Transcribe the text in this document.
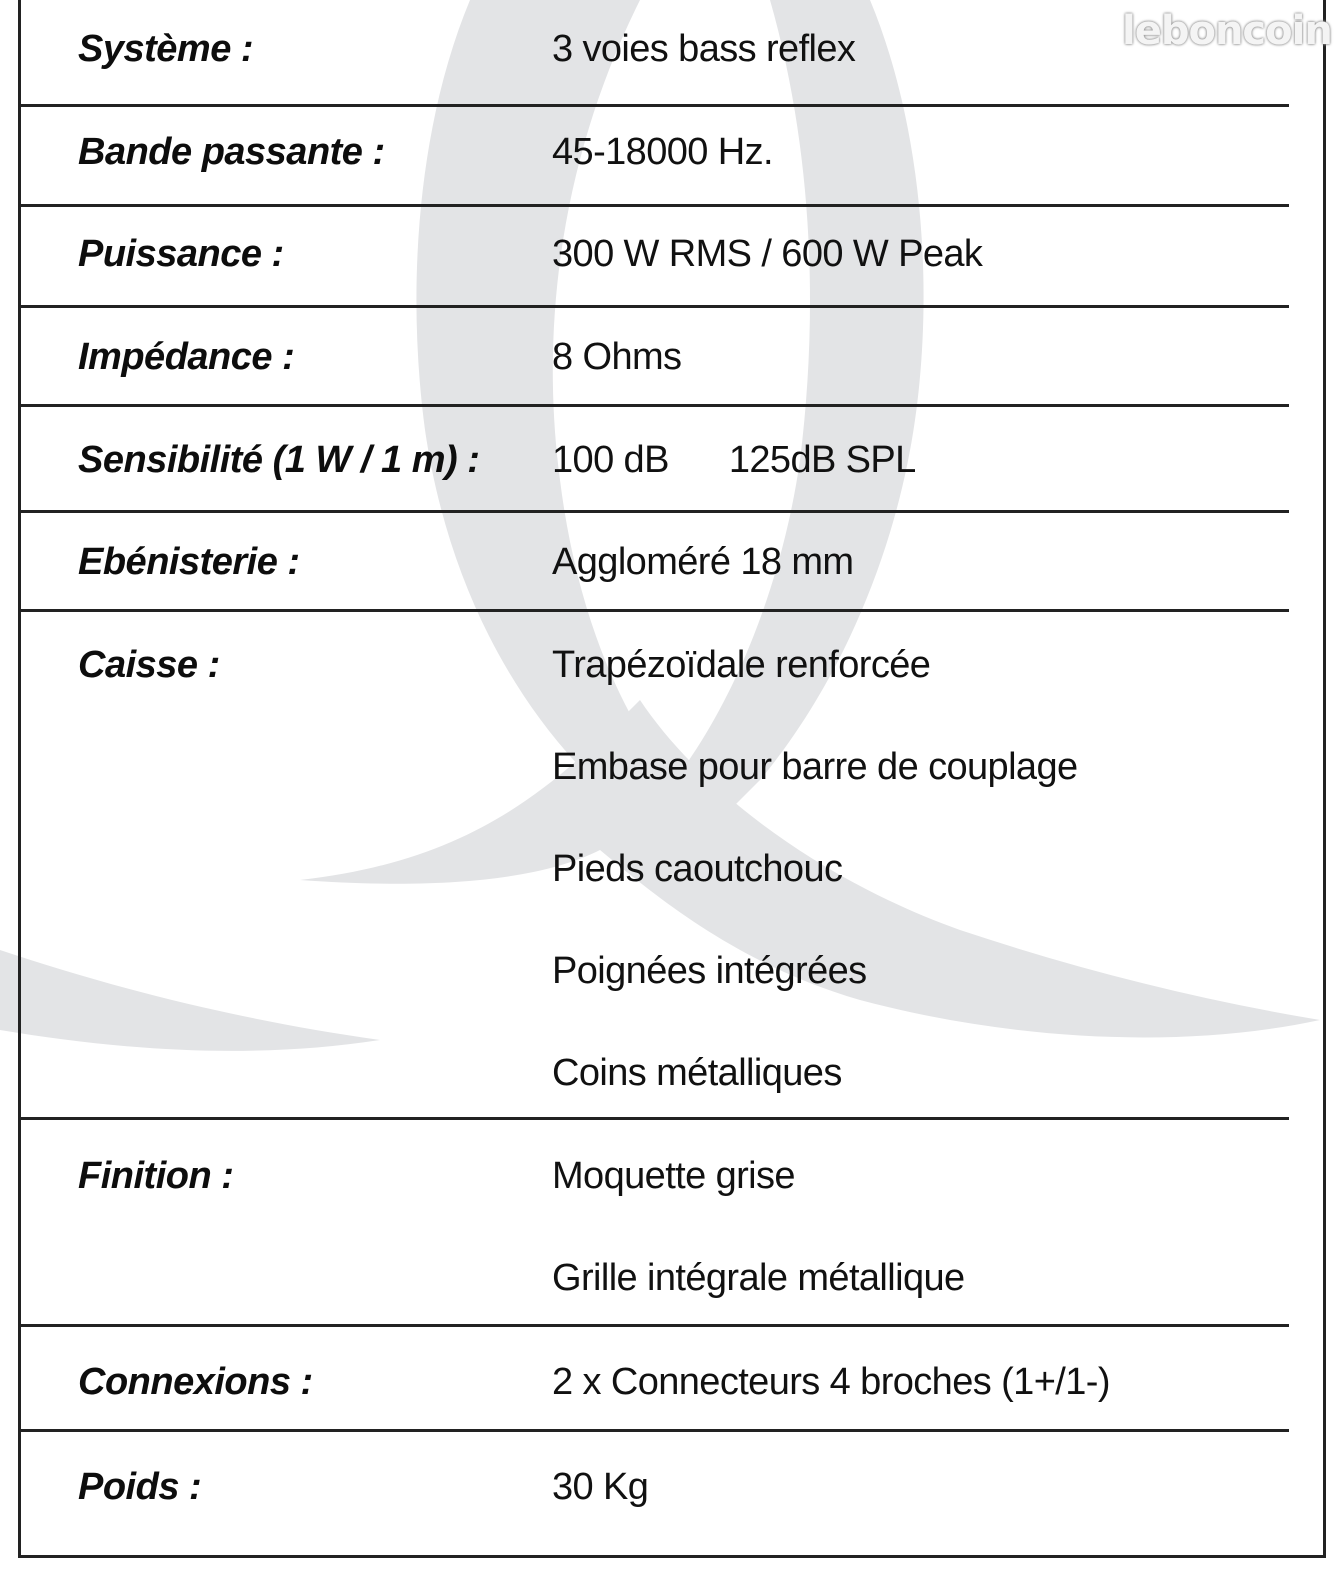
leboncoin
Système :	3 voies bass reflex
Bande passante :	45-18000 Hz.
Puissance :	300 W RMS / 600 W Peak
Impédance :	8 Ohms
Sensibilité (1 W / 1 m) : 100 dB 125dB SPL
Ebénisterie :	Aggloméré 18 mm
Caisse :	Trapézoïdale renforcée
Embase pour barre de couplage
Pieds caoutchouc
Poignées intégrées
Coins métalliques
Finition :	Moquette grise
Grille intégrale métallique
Connexions :	2 x Connecteurs 4 broches (1+/1-)
Poids :	30 Kg
